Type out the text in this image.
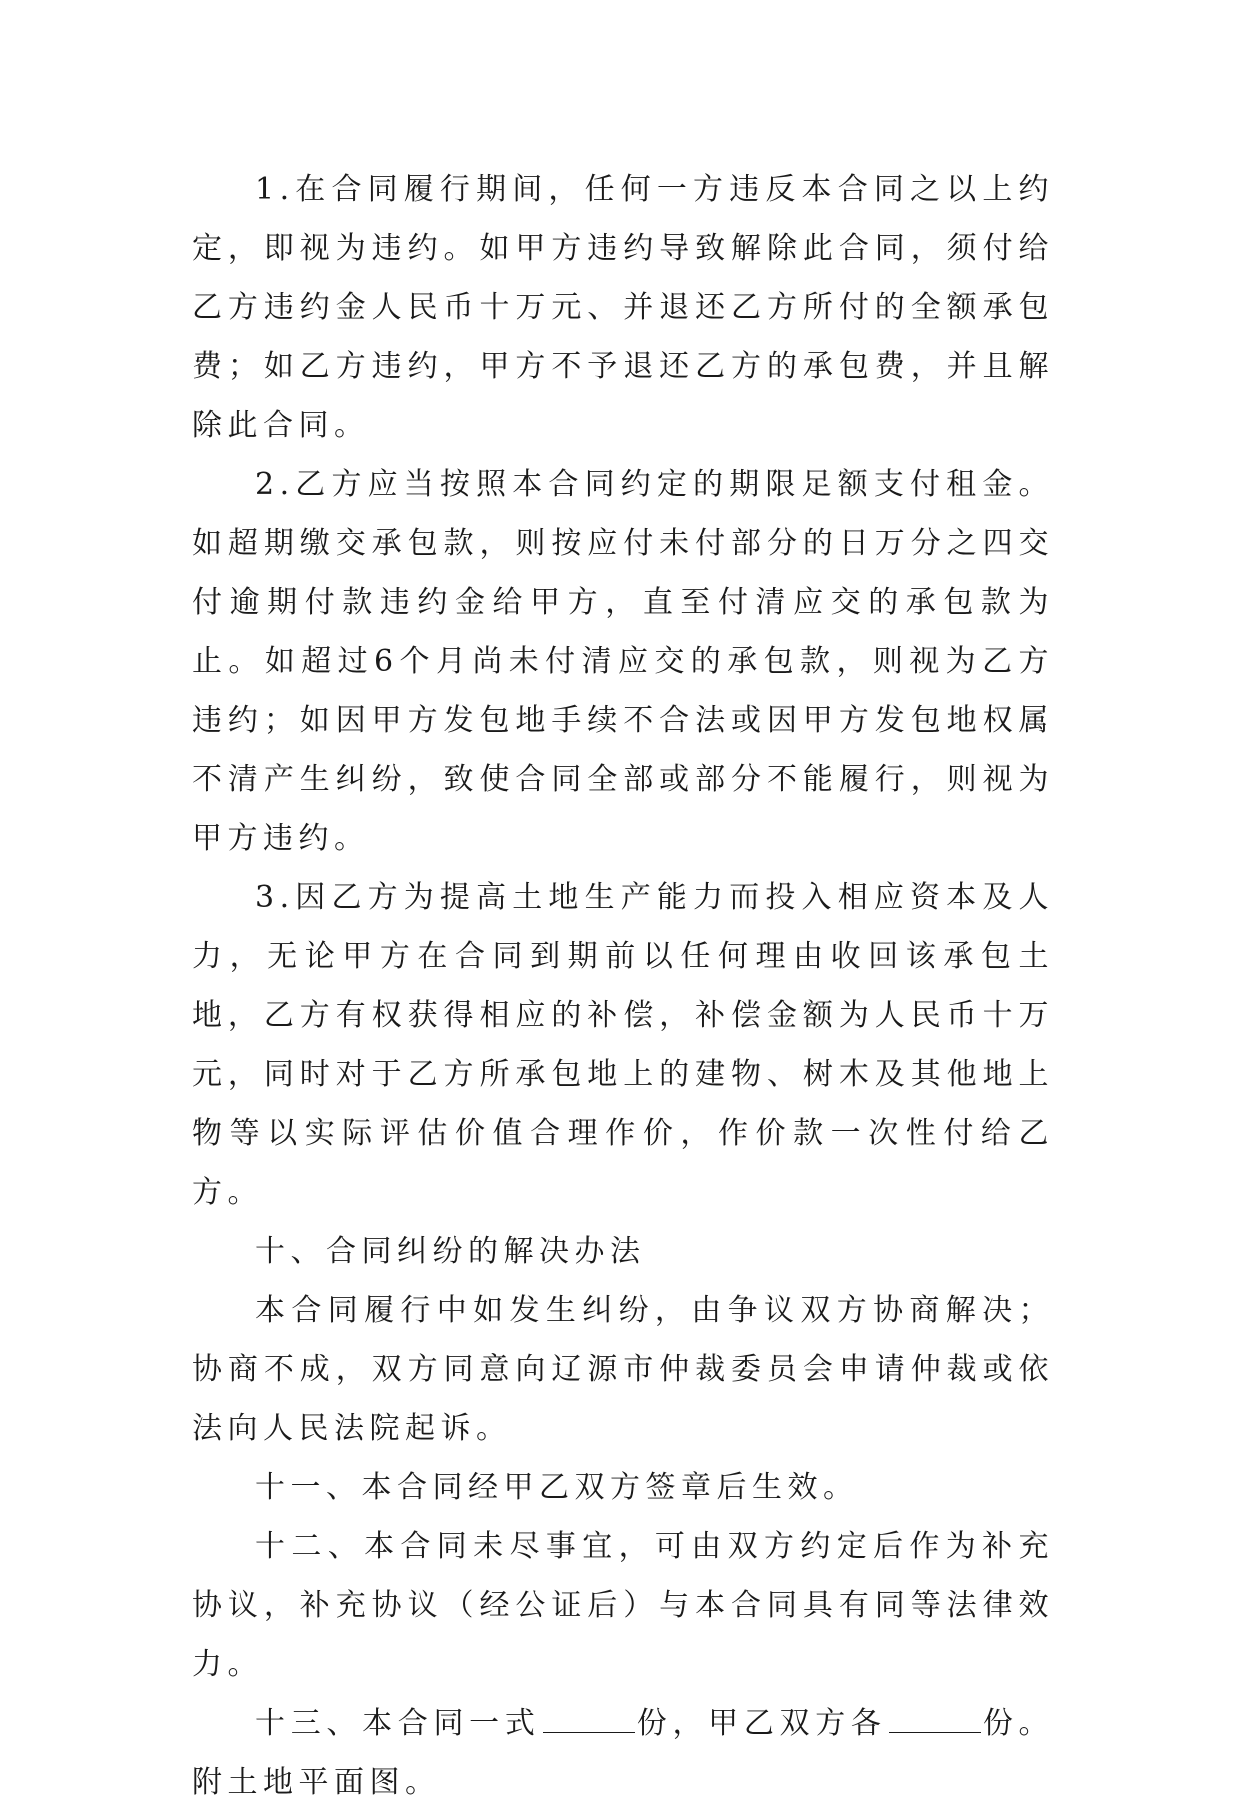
1.在合同履行期间，任何一方违反本合同之以上约定，即视为违约。如甲方违约导致解除此合同，须付给乙方违约金人民币十万元、并退还乙方所付的全额承包费；如乙方违约，甲方不予退还乙方的承包费，并且解除此合同。

2.乙方应当按照本合同约定的期限足额支付租金。如超期缴交承包款，则按应付未付部分的日万分之四交付逾期付款违约金给甲方，直至付清应交的承包款为止。如超过6个月尚未付清应交的承包款，则视为乙方违约；如因甲方发包地手续不合法或因甲方发包地权属不清产生纠纷，致使合同全部或部分不能履行，则视为甲方违约。

3.因乙方为提高土地生产能力而投入相应资本及人力，无论甲方在合同到期前以任何理由收回该承包土地，乙方有权获得相应的补偿，补偿金额为人民币十万元，同时对于乙方所承包地上的建物、树木及其他地上物等以实际评估价值合理作价，作价款一次性付给乙方。

十、合同纠纷的解决办法

本合同履行中如发生纠纷，由争议双方协商解决；协商不成，双方同意向辽源市仲裁委员会申请仲裁或依法向人民法院起诉。

十一、本合同经甲乙双方签章后生效。

十二、本合同未尽事宜，可由双方约定后作为补充协议，补充协议（经公证后）与本合同具有同等法律效力。

十三、本合同一式	份，甲乙双方各	份。附土地平面图。
